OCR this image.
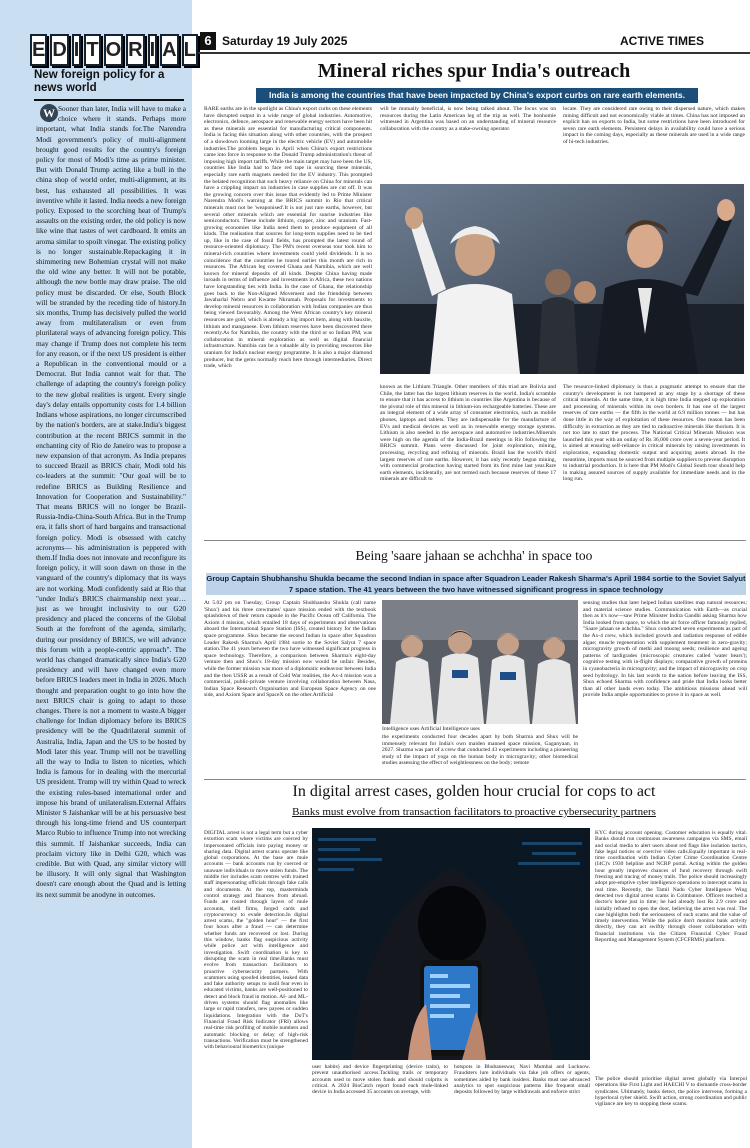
E D I T O R I A L
New foreign policy for a news world
Sooner than later, India will have to make a choice where it stands. Perhaps more important, what India stands for.The Narendra Modi government's policy of multi-alignment brought good results for the country's foreign policy for most of Modi's time as prime minister. But with Donald Trump acting like a bull in the china shop of world order, multi-alignment, at its best, has exhausted all possibilities. It was inventive while it lasted. India needs a new foreign policy. Exposed to the scorching heat of Trump's assaults on the existing order, the old policy is now like wine that tastes of wet cardboard. It emits an aroma similar to spoilt vinegar. The existing policy is no longer sustainable.Repackaging it in shimmering new Bohemian crystal will not make the old wine any better. It will not be potable, although the new bottle may draw praise. The old policy must be discarded. Or else, South Block will be stranded by the receding tide of history.In six months, Trump has decisively pulled the world away from multilateralism or even from plurilateral ways of advancing foreign policy. This may change if Trump does not complete his term for any reason, or if the next US president is either a Republican in the conventional mould or a Democrat. But India cannot wait for that. The challenge of adapting the country's foreign policy to the new global realities is urgent. Every single day's delay entails opportunity costs for 1.4 billion Indians whose aspirations, no longer circumscribed by the nation's borders, are at stake.India's biggest contribution at the recent BRICS summit in the enchanting city of Rio de Janeiro was to propose a new expansion of that acronym. As India prepares to succeed Brazil as BRICS chair, Modi told his co-leaders at the summit: "Our goal will be to redefine BRICS as Building Resilience and Innovation for Cooperation and Sustainability." That means BRICS will no longer be Brazil-Russia-India-China-South Africa. But in the Trump era, it falls short of hard bargains and transactional foreign policy. Modi is obsessed with catchy acronyms— his administration is peppered with them.If India does not innovate and reconfigure its foreign policy, it will soon dawn on those in the vanguard of the country's diplomacy that its ways are not working. Modi confidently said at Rio that "under India's BRICS chairmanship next year… just as we brought inclusivity to our G20 presidency and placed the concerns of the Global South at the forefront of the agenda, similarly, during our presidency of BRICS, we will advance this forum with a people-centric approach". The world has changed dramatically since India's G20 presidency and will have changed even more before BRICS leaders meet in India in 2026. Much thought and preparation ought to go into how the next BRICS chair is going to adapt to those changes. There is not a moment to waste.A bigger challenge for Indian diplomacy before its BRICS presidency will be the Quadrilateral summit of Australia, India, Japan and the US to be hosted by Modi later this year. Trump will not be travelling all the way to India to listen to niceties, which India is famous for in dealing with the mercurial US president. Trump will try within Quad to wreck the existing rules-based international order and impose his brand of unilateralism.External Affairs Minister S Jaishankar will be at his persuasive best through his long-time friend and US counterpart Marco Rubio to influence Trump into not wrecking this summit. If Jaishankar succeeds, India can proclaim victory like in Delhi G20, which was credible. But with Quad, any similar victory will be illusory. It will only signal that Washington doesn't care enough about the Quad and is letting its next summit be anodyne in outcomes.
W
6 Saturday 19 July 2025	ACTIVE TIMES
Mineral riches spur India's outreach
India is among the countries that have been impacted by China's export curbs on rare earth elements.
RARE earths are in the spotlight as China's export curbs on these elements have disrupted output in a wide range of global industries. Automotive, electronics, defence, aerospace and renewable energy sectors have been hit as these minerals are essential for manufacturing critical components. India is facing this situation along with other countries, with the prospect of a slowdown looming large in the electric vehicle (EV) and automobile industries.The problem began in April when China's export restrictions came into force in response to the Donald Trump administration's threat of imposing high import tariffs. While the main target may have been the US, countries like India had to face red tape in sourcing these minerals, especially rare earth magnets needed for the EV industry. This prompted the belated recognition that such heavy reliance on China for minerals can have a crippling impact on industries in case supplies are cut off. It was the growing concern over this issue that evidently led to Prime Minister Narendra Modi's warning at the BRICS summit in Rio that critical minerals must not be 'weaponised'.It is not just rare earths, however, but several other minerals which are essential for sunrise industries like semiconductors. These include lithium, copper, zinc and uranium. Fast-growing economies like India need them to produce equipment of all kinds. The realisation that sources for long-term supplies need to be tied up, like in the case of fossil fields, has prompted the latest round of resource-oriented diplomacy. The PM's recent overseas tour took him to mineral-rich countries where investments could yield dividends. It is no coincidence that the countries he toured earlier this month are rich in resources. The African leg covered Ghana and Namibia, which are well known for mineral deposits of all kinds. Despite China having made inroads in terms of influence and investments in Africa, these two nations have longstanding ties with India. In the case of Ghana, the relationship goes back to the Non-Aligned Movement and the friendship between Jawaharlal Nehru and Kwame Nkrumah. Proposals for investments to develop mineral resources in collaboration with Indian companies are thus being viewed favourably. Among the West African country's key mineral resources are gold, which is already a big import item, along with bauxite, lithium and manganese. Even lithium reserves have been discovered there recently.As for Namibia, the country with the third or so Indian PM, was collaboration in mineral exploration as well as digital financial infrastructure. Namibia can be a valuable ally in providing resources like uranium for India's nuclear energy programme. It is also a major diamond producer, but the gems normally reach here through intermediaries. Direct trade, which
will be mutually beneficial, is now being talked about. The focus was on resources during the Latin American leg of the trip as well. The bonhomie witnessed in Argentina was based on an understanding of mineral resource collaboration with the country as a stake-owning operator.
locate. They are considered rare owing to their dispersed nature, which makes mining difficult and not economically viable at times. China has not imposed an explicit ban on exports to India, but some restrictions have been introduced for seven rare earth elements. Persistent delays in availability could have a serious impact in the coming days, especially as these minerals are used in a wide range of hi-tech industries.
known as the Lithium Triangle. Other members of this triad are Bolivia and Chile, the latter has the largest lithium reserves in the world. India's scramble to ensure that it has access to lithium in countries like Argentina is because of the pivotal role of this mineral in lithium-ion rechargeable batteries. These are an integral element of a wide array of consumer electronics, such as mobile phones, laptops and tablets. They are indispensable for the manufacture of EVs and medical devices as well as in renewable energy storage systems. Lithium is also needed in the aerospace and automotive industries.Minerals were high on the agenda of the India-Brazil meetings in Rio following the BRICS summit. Plans were discussed for joint exploration, mining, processing, recycling and refining of minerals. Brazil has the world's third largest reserves of rare earths. However, it has only recently begun mining, with commercial production having started from its first mine last year.Rare earth elements, incidentally, are not termed such because reserves of these 17 minerals are difficult to
The resource-linked diplomacy is thus a pragmatic attempt to ensure that the country's development is not hampered at any stage by a shortage of these critical minerals. At the same time, it is high time India stepped up exploration and processing of minerals within its own borders. It has one of the largest reserves of rare earths — the fifth in the world at 6.9 million tonnes — but has done little in the way of exploitation of these resources. One reason has been difficulty in extraction as they are tied to radioactive minerals like thorium. It is not too late to start the process. The National Critical Minerals Mission was launched this year with an outlay of Rs 36,000 crore over a seven-year period. It is aimed at ensuring self-reliance in critical minerals by raising investments in exploration, expanding domestic output and acquiring assets abroad. In the meantime, imports must be sourced from multiple suppliers to prevent disruption to industrial production. It is here that PM Modi's Global South tour should help in making assured sources of supply available for immediate needs and in the long run.
Being 'saare jahaan se achchha' in space too
Group Captain Shubhanshu Shukla became the second Indian in space after Squadron Leader Rakesh Sharma's April 1984 sortie to the Soviet Salyut 7 space station. The 41 years between the two have witnessed significant progress in space technology
At 5.02 pm on Tuesday, Group Captain Shubhanshu Shukla (call name 'Shux') and his three crewmates' space mission ended with the textbook splashdown of their return capsule in the Pacific Ocean off California. The Axiom 4 mission, which entailed 18 days of experiments and observations aboard the International Space Station (ISS), created history for the Indian space programme. Shux became the second Indian in space after Squadron Leader Rakesh Sharma's April 1984 sortie to the Soviet Salyut 7 space station.The 41 years between the two have witnessed significant progress in space technology. Therefore, a comparison between Sharma's eight-day venture then and Shux's 18-day mission now would be unfair. Besides, while the former mission was more of a diplomatic endeavour between India and the then USSR as a result of Cold War realities, the Ax-4 mission was a commercial, public-private venture involving collaboration between Nasa, Indian Space Research Organisation and European Space Agency on one side, and Axiom Space and SpaceX on the other.Artificial
Intelligence uses Artificial Intelligence uses
the experiments conducted four decades apart by both Sharma and Shux will be immensely relevant for India's own maiden manned space mission, Gaganyaan, in 2027. Sharma was part of a crew that conducted 43 experiments including a pioneering study of the impact of yoga on the human body in microgravity; other biomedical studies assessing the effect of weightlessness on the body; remote
sensing studies that later helped Indian satellites map natural resources; and material science studies. Communication with Earth—as crucial then as it's now—saw Prime Minister Indira Gandhi asking Sharma how India looked from space, to which the air force officer famously replied, "Saare jahaan se achchha." Shux conducted seven experiments as part of the Ax-4 crew, which included growth and radiation response of edible algae; muscle regeneration with supplement treatment in zero-gravity; microgravity growth of methi and moong seeds; resilience and ageing patterns of tardigrades (microscopic creatures called 'water bears'); cognitive testing with in-flight displays; comparative growth of proteins in cyanobacteria in microgravity; and the impact of microgravity on crop seed hydrology. In his last words to the nation before leaving the ISS, Shux echoed Sharma with confidence and pride that India looks better than all other lands even today. The ambitious missions ahead will provide India ample opportunities to prove it in space as well.
In digital arrest cases, golden hour crucial for cops to act
Banks must evolve from transaction facilitators to proactive cybersecurity partners
DIGITAL arrest is not a legal term but a cyber extortion scam where victims are coerced by impersonated officials into paying money or sharing data. Digital arrest scams operate like global corporations. At the base are mule accounts — bank accounts run by coerced or unaware individuals to move stolen funds. The middle tier includes scam centres with trained staff impersonating officials through fake calls and documents. At the top, masterminds control strategy and finances from abroad. Funds are routed through layers of mule accounts, shell firms, forged cards and cryptocurrency to evade detection.In digital arrest scams, the "golden hour" — the first four hours after a fraud — can determine whether funds are recovered or lost. During this window, banks flag suspicious activity while police act with intelligence and investigation. Swift coordination is key to disrupting the scam in real time.Banks must evolve from transaction facilitators to proactive cybersecurity partners. With scammers using spoofed identities, leaked data and fake authority setups to instil fear even in educated victims, banks are well-positioned to detect and block fraud in motion. AI- and ML-driven systems should flag anomalies like large or rapid transfers, new payees or sudden liquidations. Integration with the DoT's Financial Fraud Risk Indicator (FRI) allows real-time risk profiling of mobile numbers and automatic blocking or delay of high-risk transactions. Verification must be strengthened with behavioural biometrics (unique
KYC during account opening. Customer education is equally vital. Banks should run continuous awareness campaigns via SMS, email and social media to alert users about red flags like isolation tactics, fake legal notices or coercive video calls.Equally important is real-time coordination with Indian Cyber Crime Coordination Centre (I4C)'s 1930 helpline and NCRP portal. Acting within the golden hour greatly improves chances of fund recovery through swift freezing and tracing of money trails. The police should increasingly adopt pre-emptive cyber intelligence operations to intercept scams in real time. Recently, the Tamil Nadu Cyber Intelligence Wing detected two digital arrest scams in Coimbatore. Officers reached a doctor's home just in time; he had already lost Rs 2.9 crore and initially refused to open the door, believing the arrest was real. The case highlights both the seriousness of such scams and the value of timely intervention. While the police don't monitor bank activity directly, they can act swiftly through closer collaboration with financial institutions via the Citizen Financial Cyber Fraud Reporting and Management System (CFCFRMS) platform.
user habits) and device fingerprinting (device traits), to prevent unauthorised access.Tackling trails or temporary accounts used to move stolen funds and should culprits is critical. A 2024 BioCatch report found each mule-linked device in India accessed 35 accounts on average, with
hotspots in Bhubaneswar, Navi Mumbai and Lucknow. Fraudsters lure individuals via fake job offers or agents, sometimes aided by bank insiders. Banks must use advanced analytics to spot suspicious patterns like frequent small deposits followed by large withdrawals and enforce strict
The police should prioritise digital arrest globally via Interpol operations like First Light and HAECHI V to dismantle cross-border syndicates. Ultimately, banks detect, the police intervene, forming a hyperlocal cyber shield. Swift action, strong coordination and public vigilance are key to stopping these scams.
